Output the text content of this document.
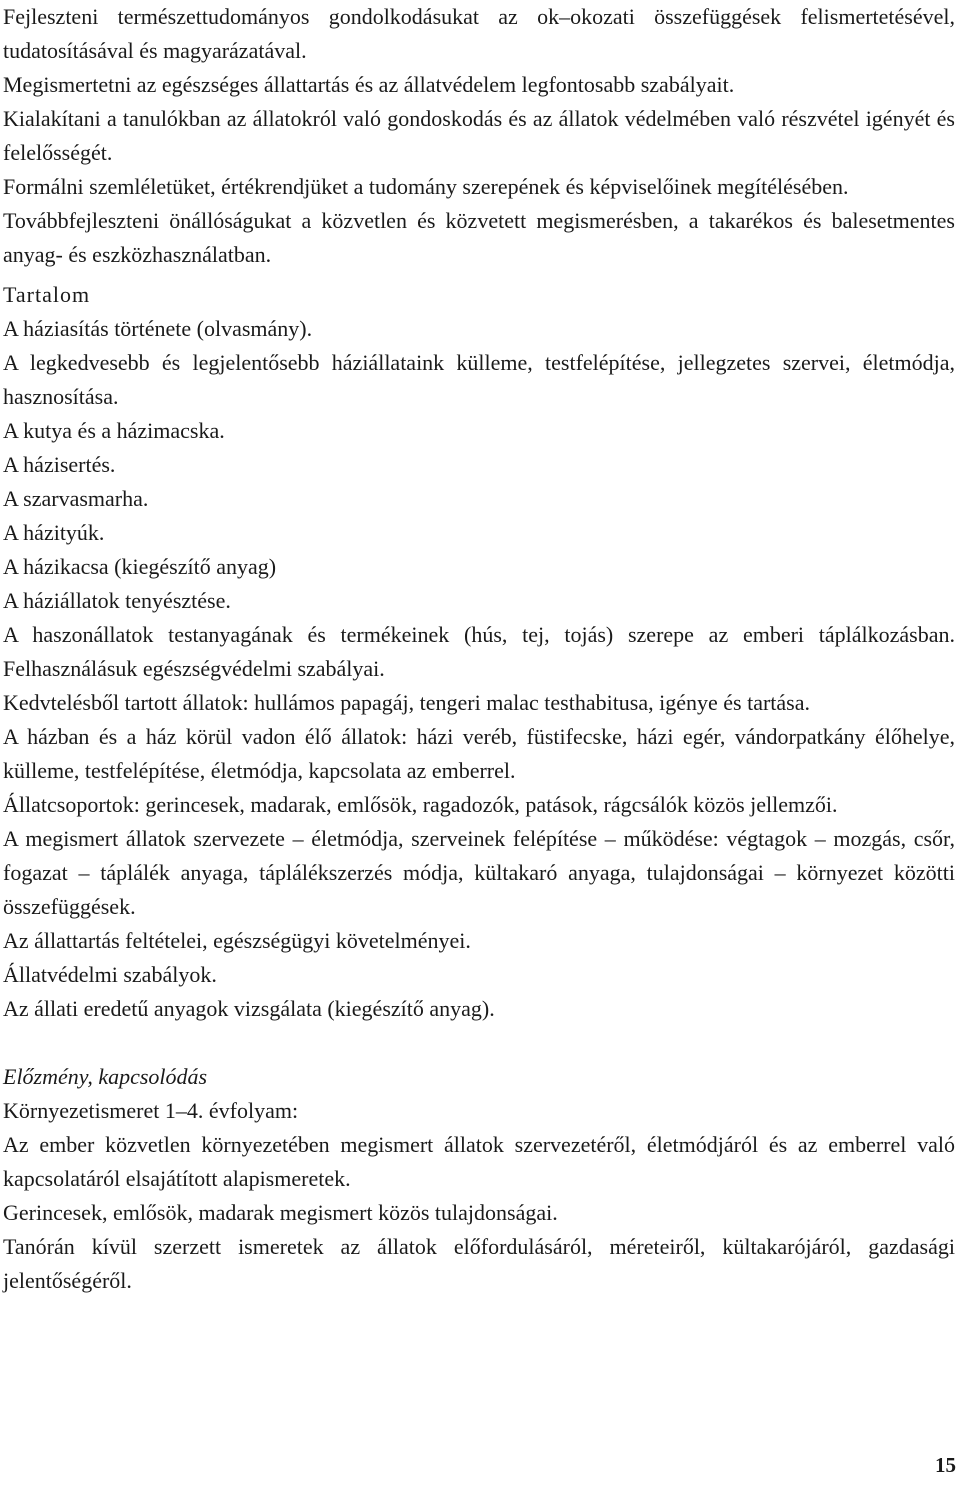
Fejleszteni természettudományos gondolkodásukat az ok–okozati összefüggések felismertetésével, tudatosításával és magyarázatával.

Megismertetni az egészséges állattartás és az állatvédelem legfontosabb szabályait.

Kialakítani a tanulókban az állatokról való gondoskodás és az állatok védelmében való részvétel igényét és felelősségét.

Formálni szemléletüket, értékrendjüket a tudomány szerepének és képviselőinek megítélésében.

Továbbfejleszteni önállóságukat a közvetlen és közvetett megismerésben, a takarékos és balesetmentes anyag- és eszközhasználatban.

Tartalom

A háziasítás története (olvasmány).

A legkedvesebb és legjelentősebb háziállataink külleme, testfelépítése, jellegzetes szervei, életmódja, hasznosítása.

A kutya és a házimacska.

A házisertés.

A szarvasmarha.

A házityúk.

A házikacsa (kiegészítő anyag)

A háziállatok tenyésztése.

A haszonállatok testanyagának és termékeinek (hús, tej, tojás) szerepe az emberi táplálkozásban. Felhasználásuk egészségvédelmi szabályai.

Kedvtelésből tartott állatok: hullámos papagáj, tengeri malac testhabitusa, igénye és tartása.

A házban és a ház körül vadon élő állatok: házi veréb, füstifecske, házi egér, vándorpatkány élőhelye, külleme, testfelépítése, életmódja, kapcsolata az emberrel.

Állatcsoportok: gerincesek, madarak, emlősök, ragadozók, patások, rágcsálók közös jellemzői.

A megismert állatok szervezete – életmódja, szerveinek felépítése – működése: végtagok – mozgás, csőr, fogazat – táplálék anyaga, táplálékszerzés módja, kültakaró anyaga, tulajdonságai – környezet közötti összefüggések.

Az állattartás feltételei, egészségügyi követelményei.

Állatvédelmi szabályok.

Az állati eredetű anyagok vizsgálata (kiegészítő anyag).

Előzmény, kapcsolódás

Környezetismeret 1–4. évfolyam:

Az ember közvetlen környezetében megismert állatok szervezetéről, életmódjáról és az emberrel való kapcsolatáról elsajátított alapismeretek.

Gerincesek, emlősök, madarak megismert közös tulajdonságai.

Tanórán kívül szerzett ismeretek az állatok előfordulásáról, méreteiről, kültakarójáról, gazdasági jelentőségéről.

15
